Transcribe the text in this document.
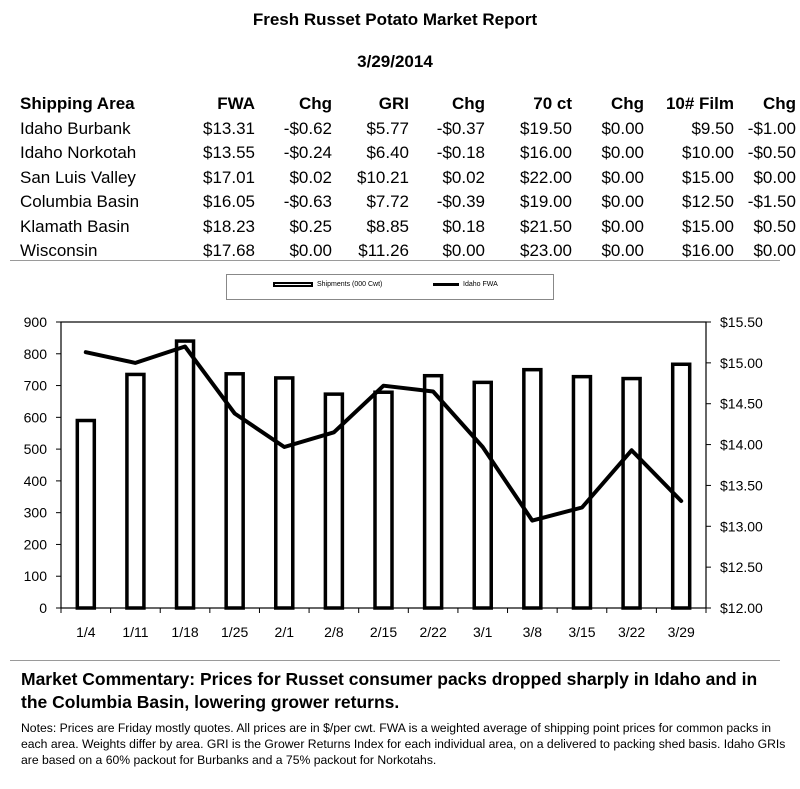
Fresh Russet Potato Market Report
3/29/2014
Shipping Area	FWA	Chg	GRI	Chg	70 ct	Chg	10# Film	Chg
Idaho Burbank	$13.31	-$0.62	$5.77	-$0.37	$19.50	$0.00	$9.50	-$1.00
Idaho Norkotah	$13.55	-$0.24	$6.40	-$0.18	$16.00	$0.00	$10.00	-$0.50
San Luis Valley	$17.01	$0.02	$10.21	$0.02	$22.00	$0.00	$15.00	$0.00
Columbia Basin	$16.05	-$0.63	$7.72	-$0.39	$19.00	$0.00	$12.50	-$1.50
Klamath Basin	$18.23	$0.25	$8.85	$0.18	$21.50	$0.00	$15.00	$0.50
Wisconsin	$17.68	$0.00	$11.26	$0.00	$23.00	$0.00	$16.00	$0.00
Shipments (000 Cwt)	Idaho FWA
0
100
200
300
400
500
600
700
800
900
$12.00
$12.50
$13.00
$13.50
$14.00
$14.50
$15.00
$15.50
1/4 1/11 1/18 1/25 2/1 2/8 2/15 2/22 3/1 3/8 3/15 3/22 3/29
Market Commentary: Prices for Russet consumer packs dropped sharply in Idaho and in the Columbia Basin, lowering grower returns.
Notes: Prices are Friday mostly quotes. All prices are in $/per cwt. FWA is a weighted average of shipping point prices for common packs in each area. Weights differ by area. GRI is the Grower Returns Index for each individual area, on a delivered to packing shed basis. Idaho GRIs are based on a 60% packout for Burbanks and a 75% packout for Norkotahs.
